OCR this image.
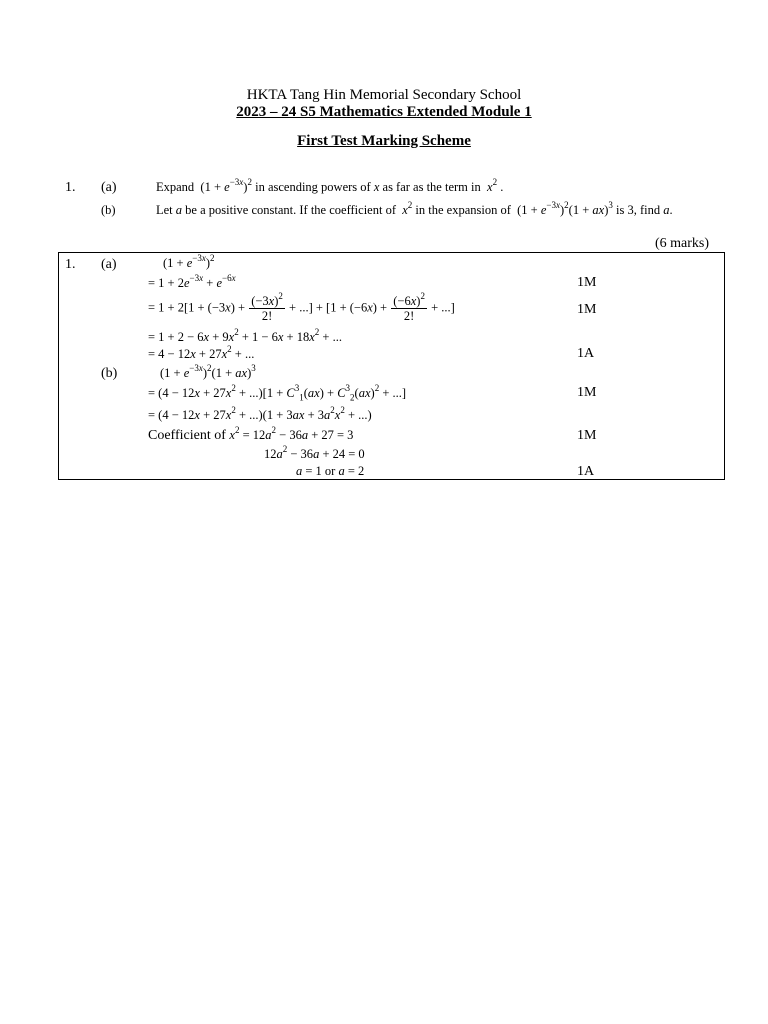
HKTA Tang Hin Memorial Secondary School
2023 – 24 S5 Mathematics Extended Module 1
First Test Marking Scheme
1. (a)	Expand  $(1 + e^{-3x})^2$ in ascending powers of x as far as the term in  $x^2$ .
(b)	Let a be a positive constant. If the coefficient of  $x^2$ in the expansion of  $(1 + e^{-3x})^2(1 + ax)^3$ is 3, find a.
(6 marks)
1. (a)	$(1 + e^{-3x})^2$
= $1 + 2e^{-3x} + e^{-6x}$	1M
= $1 + 2[1 + (-3x) + \frac{(-3x)^2}{2!}$ + ...] + [$1 + (-6x) + \frac{(-6x)^2}{2!}$ + ...]	1M
= $1 + 2 - 6x + 9x^2 + 1 - 6x + 18x^2$ + ...
= $4 - 12x + 27x^2$ + ...	1A
(b)	$(1 + e^{-3x})^2(1 + ax)^3$
= $(4 - 12x + 27x^2 + ...)[1 + C^3_1(ax) + C^3_2(ax)^2$ + ...]	1M
= $(4 - 12x + 27x^2 + ...)(1 + 3ax + 3a^2x^2$ + ...)
Coefficient of $x^2 = 12a^2 - 36a + 27 = 3$	1M
$12a^2 - 36a + 24 = 0$
a = 1 or a = 2	1A
